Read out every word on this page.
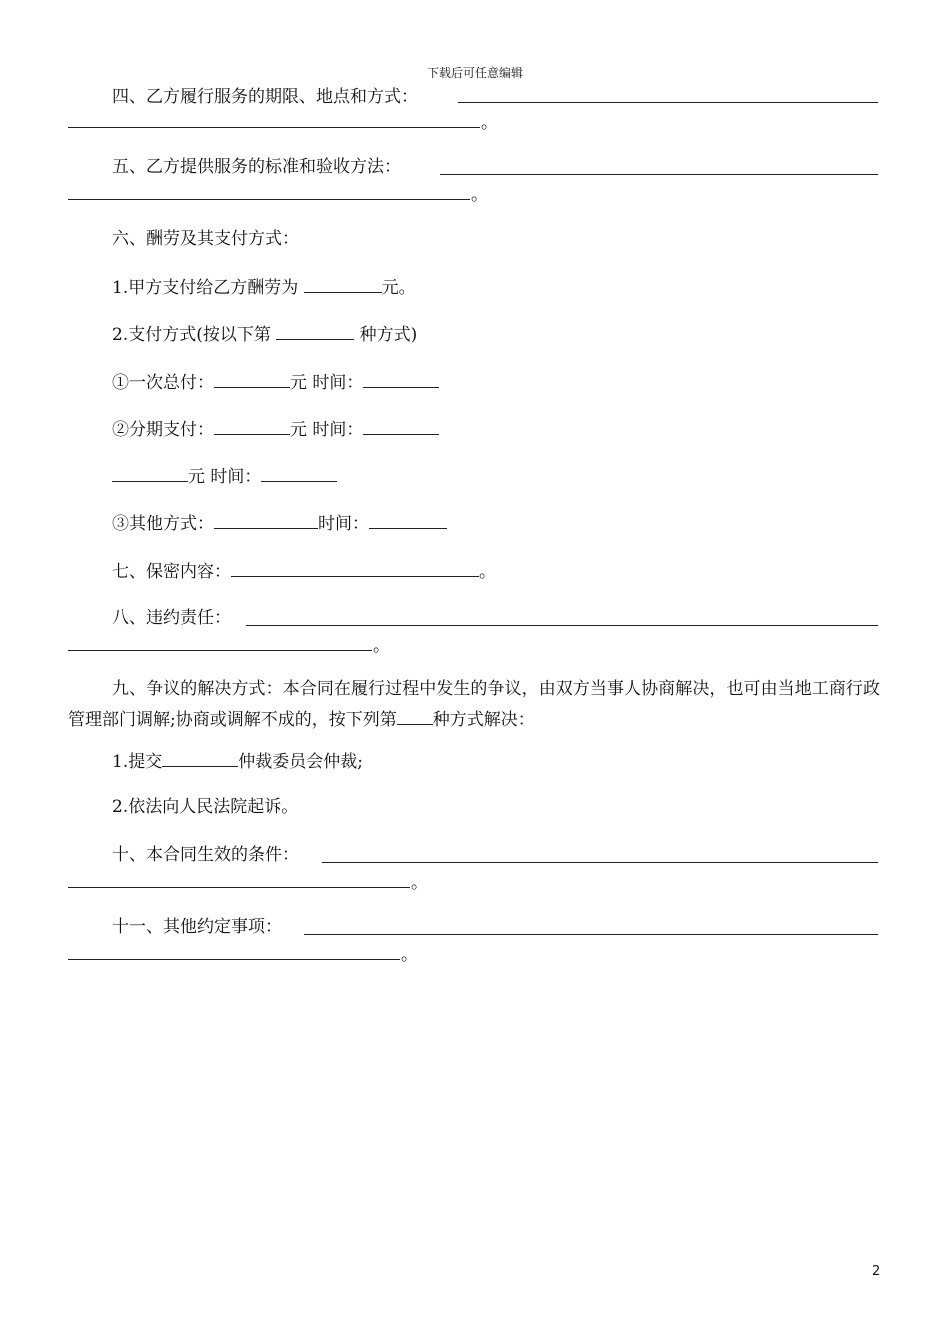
下载后可任意编辑
四、乙方履行服务的期限、地点和方式：
。
五、乙方提供服务的标准和验收方法：
。
六、酬劳及其支付方式：
1.甲方支付给乙方酬劳为	元。
2.支付方式(按以下第	种方式)
①一次总付：	元 时间：
②分期支付：	元 时间：
元 时间：
③其他方式：	时间：
七、保密内容：	。
八、违约责任：
。
九、争议的解决方式：本合同在履行过程中发生的争议，由双方当事人协商解决，也可由当地工商行政管理部门调解;协商或调解不成的，按下列第 种方式解决：
1.提交	仲裁委员会仲裁;
2.依法向人民法院起诉。
十、本合同生效的条件：
。
十一、其他约定事项：
。
2
